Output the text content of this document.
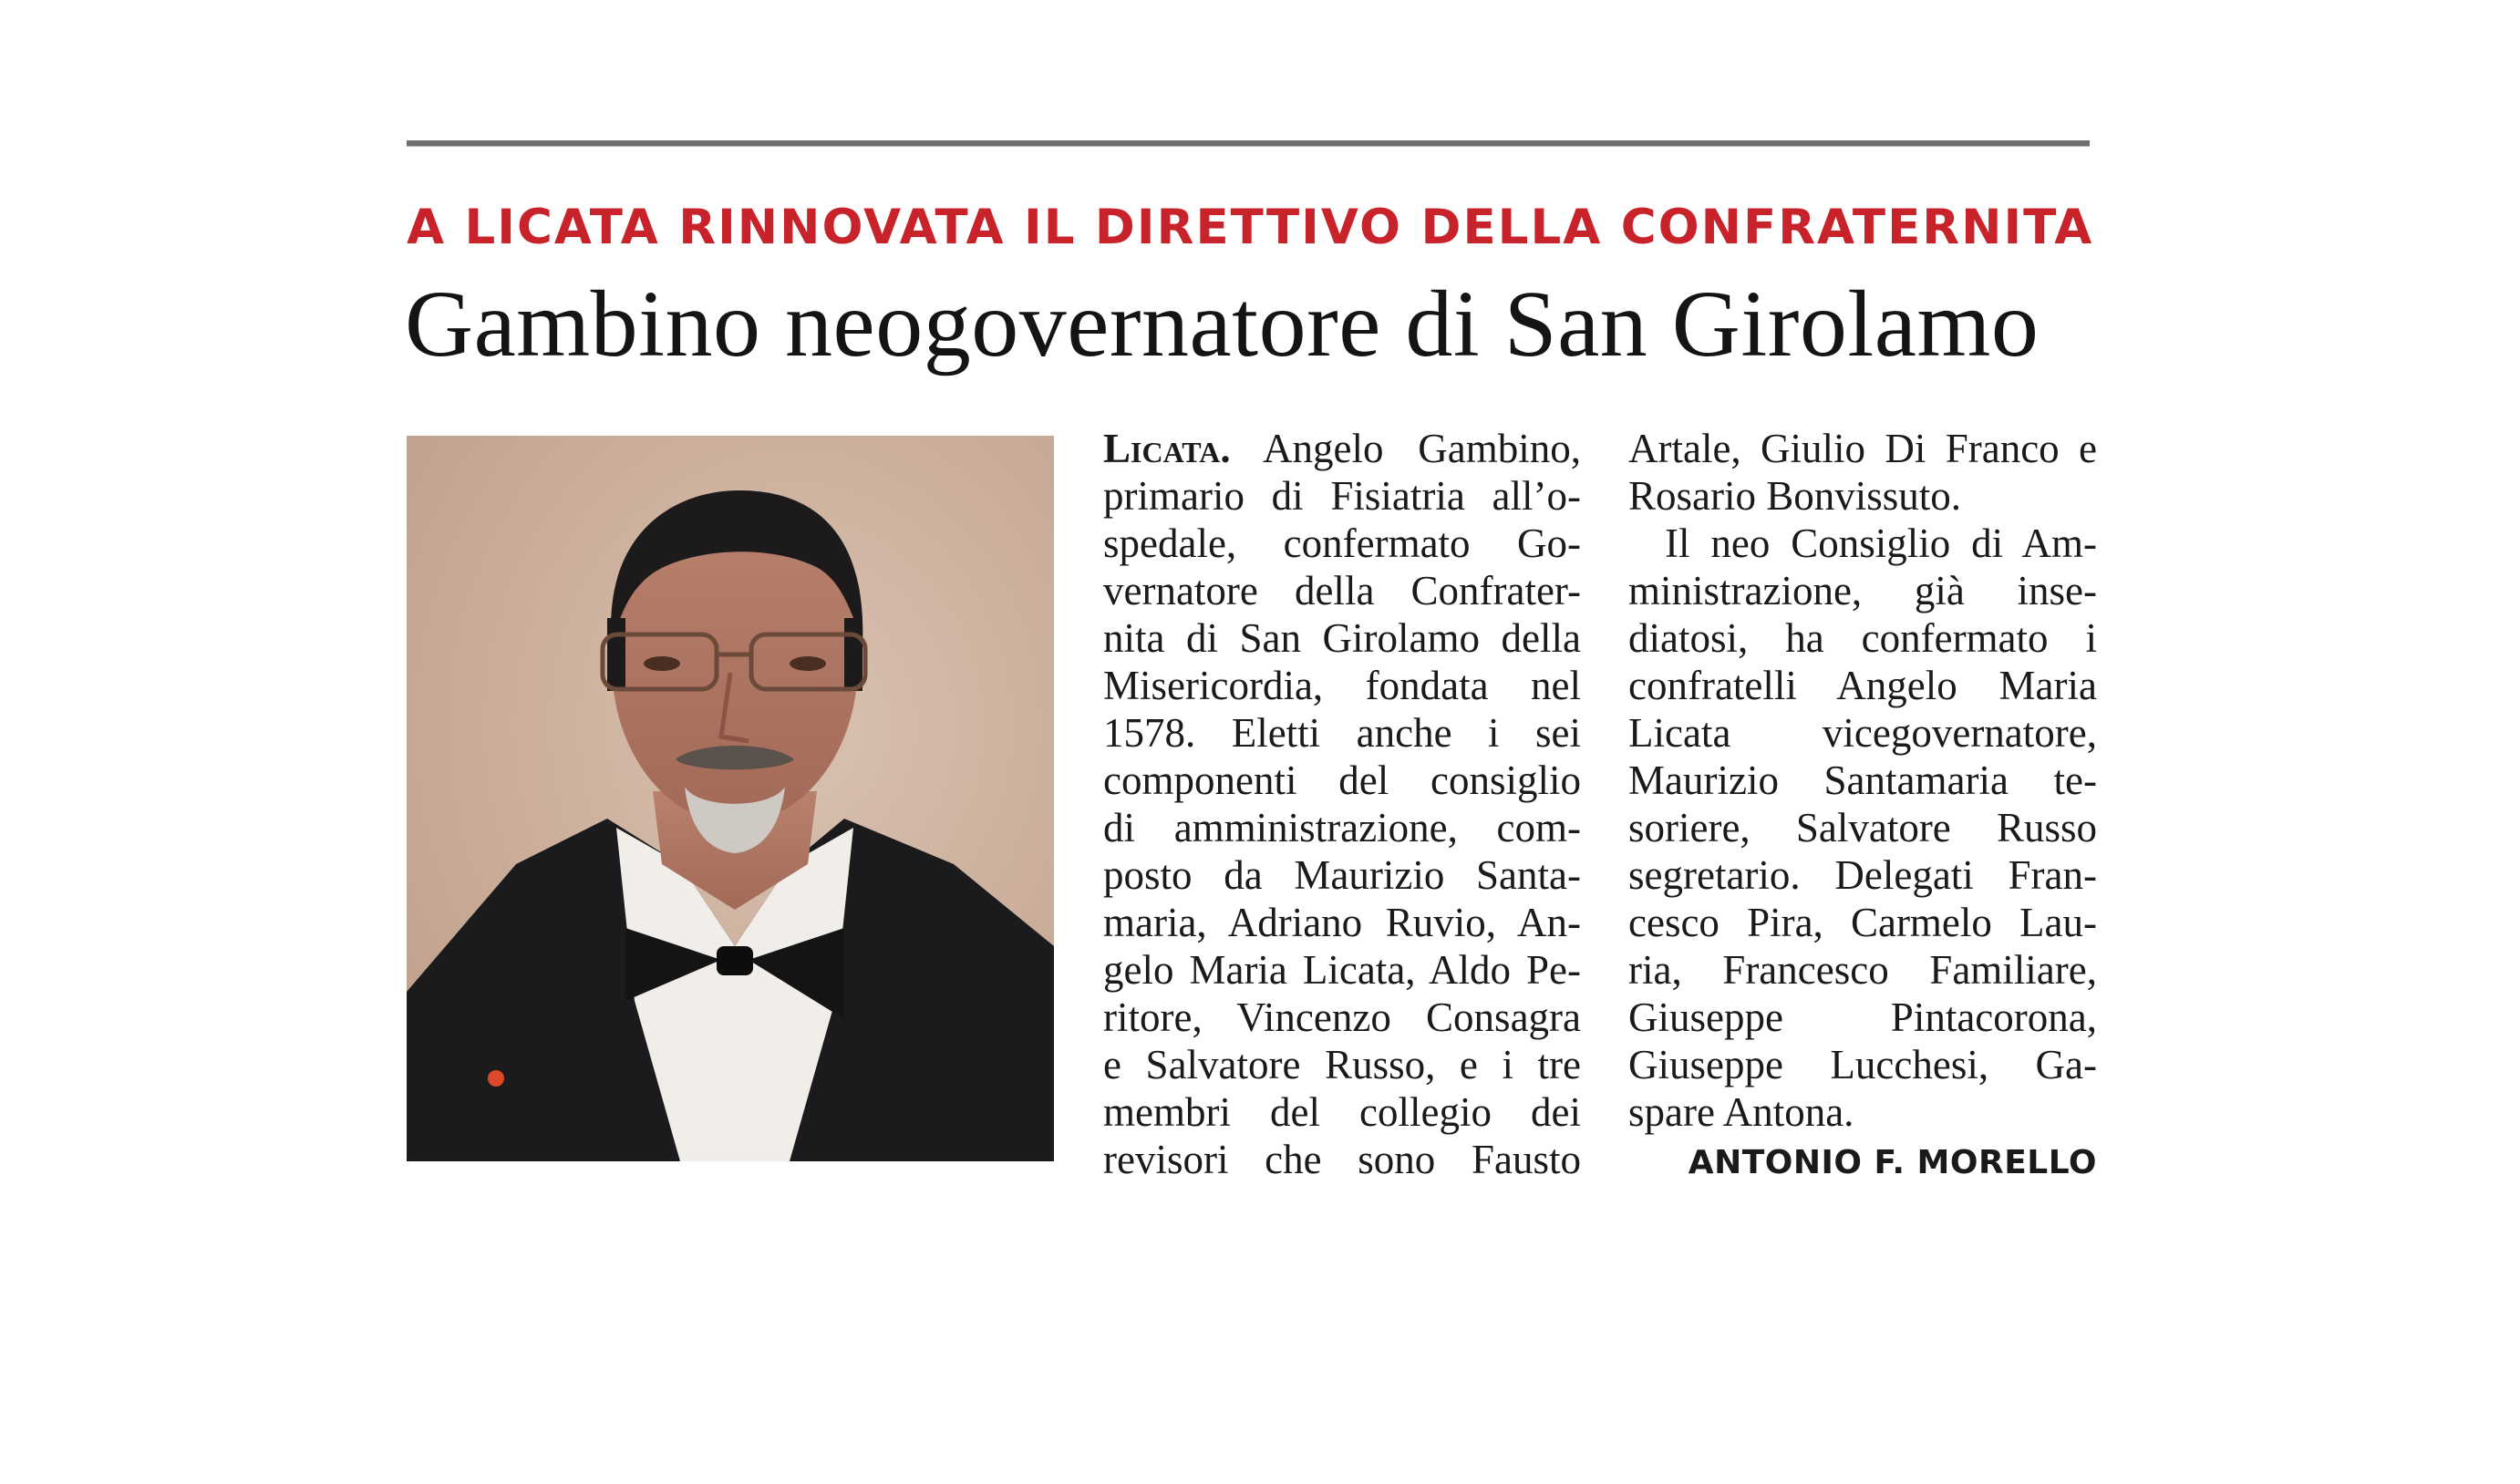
A LICATA RINNOVATA IL DIRETTIVO DELLA CONFRATERNITA
Gambino neogovernatore di San Girolamo
Licata. Angelo Gambino,
primario di Fisiatria all’o-
spedale, confermato Go-
vernatore della Confrater-
nita di San Girolamo della
Misericordia, fondata nel
1578. Eletti anche i sei
componenti del consiglio
di amministrazione, com-
posto da Maurizio Santa-
maria, Adriano Ruvio, An-
gelo Maria Licata, Aldo Pe-
ritore, Vincenzo Consagra
e Salvatore Russo, e i tre
membri del collegio dei
revisori che sono Fausto
Artale, Giulio Di Franco e
Rosario Bonvissuto.
Il neo Consiglio di Am-
ministrazione, già inse-
diatosi, ha confermato i
confratelli Angelo Maria
Licata vicegovernatore,
Maurizio Santamaria te-
soriere, Salvatore Russo
segretario. Delegati Fran-
cesco Pira, Carmelo Lau-
ria, Francesco Familiare,
Giuseppe Pintacorona,
Giuseppe Lucchesi, Ga-
spare Antona.
ANTONIO F. MORELLO
